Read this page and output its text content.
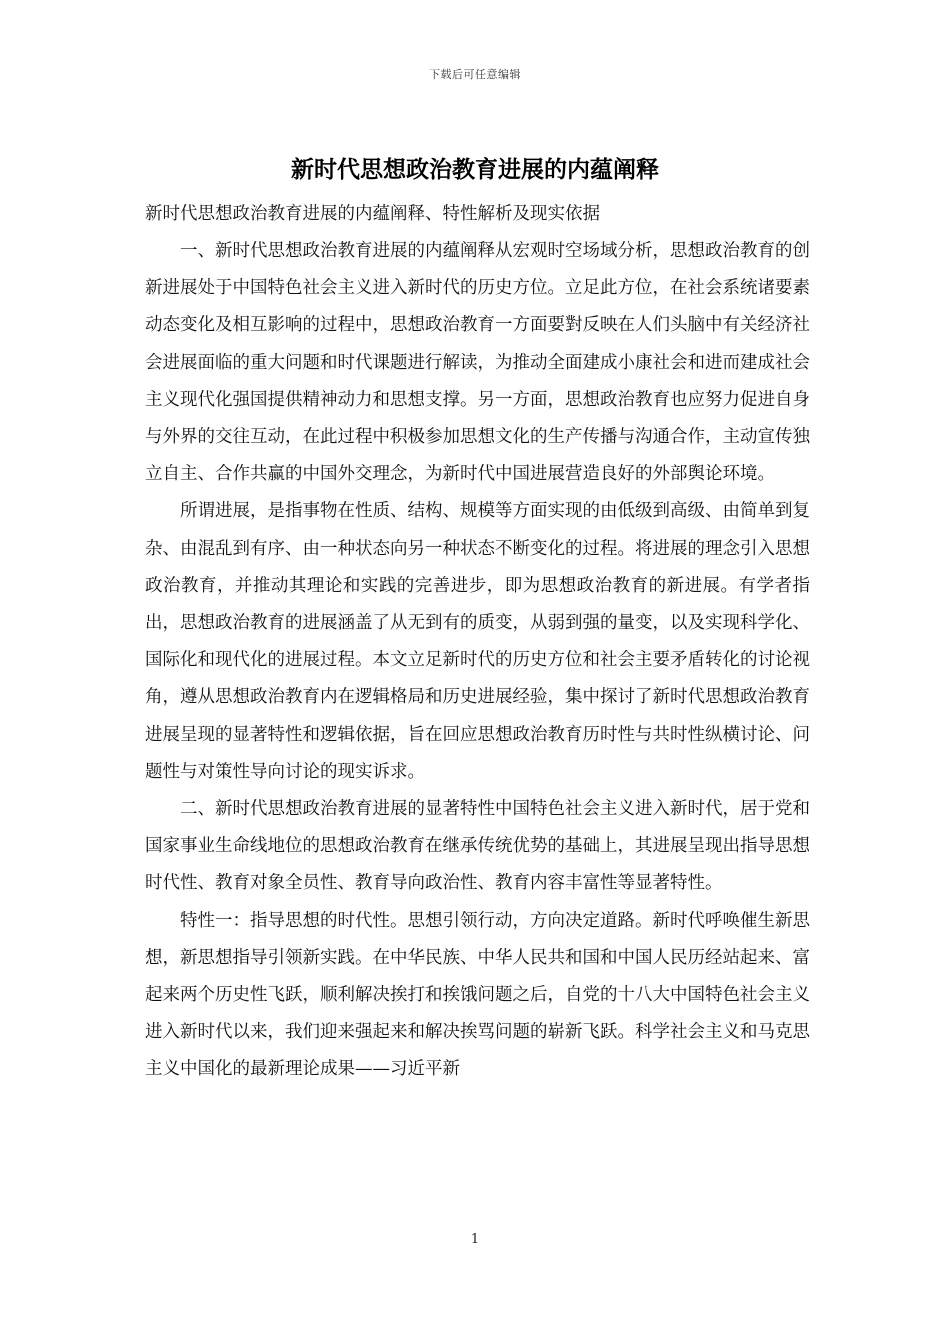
下载后可任意编辑
新时代思想政治教育进展的内蕴阐释

新时代思想政治教育进展的内蕴阐释、特性解析及现实依据

一、新时代思想政治教育进展的内蕴阐释从宏观时空场域分析，思想政治教育的创新进展处于中国特色社会主义进入新时代的历史方位。立足此方位，在社会系统诸要素动态变化及相互影响的过程中，思想政治教育一方面要對反映在人们头脑中有关经济社会进展面临的重大问题和时代课题进行解读，为推动全面建成小康社会和进而建成社会主义现代化强国提供精神动力和思想支撑。另一方面，思想政治教育也应努力促进自身与外界的交往互动，在此过程中积极参加思想文化的生产传播与沟通合作，主动宣传独立自主、合作共赢的中国外交理念，为新时代中国进展营造良好的外部舆论环境。

所谓进展，是指事物在性质、结构、规模等方面实现的由低级到高级、由简单到复杂、由混乱到有序、由一种状态向另一种状态不断变化的过程。将进展的理念引入思想政治教育，并推动其理论和实践的完善进步，即为思想政治教育的新进展。有学者指出，思想政治教育的进展涵盖了从无到有的质变，从弱到强的量变，以及实现科学化、国际化和现代化的进展过程。本文立足新时代的历史方位和社会主要矛盾转化的讨论视角，遵从思想政治教育内在逻辑格局和历史进展经验，集中探讨了新时代思想政治教育进展呈现的显著特性和逻辑依据，旨在回应思想政治教育历时性与共时性纵横讨论、问题性与对策性导向讨论的现实诉求。

二、新时代思想政治教育进展的显著特性中国特色社会主义进入新时代，居于党和国家事业生命线地位的思想政治教育在继承传统优势的基础上，其进展呈现出指导思想时代性、教育对象全员性、教育导向政治性、教育内容丰富性等显著特性。

特性一：指导思想的时代性。思想引领行动，方向决定道路。新时代呼唤催生新思想，新思想指导引领新实践。在中华民族、中华人民共和国和中国人民历经站起来、富起来两个历史性飞跃，顺利解决挨打和挨饿问题之后，自党的十八大中国特色社会主义进入新时代以来，我们迎来强起来和解决挨骂问题的崭新飞跃。科学社会主义和马克思主义中国化的最新理论成果——习近平新

1
